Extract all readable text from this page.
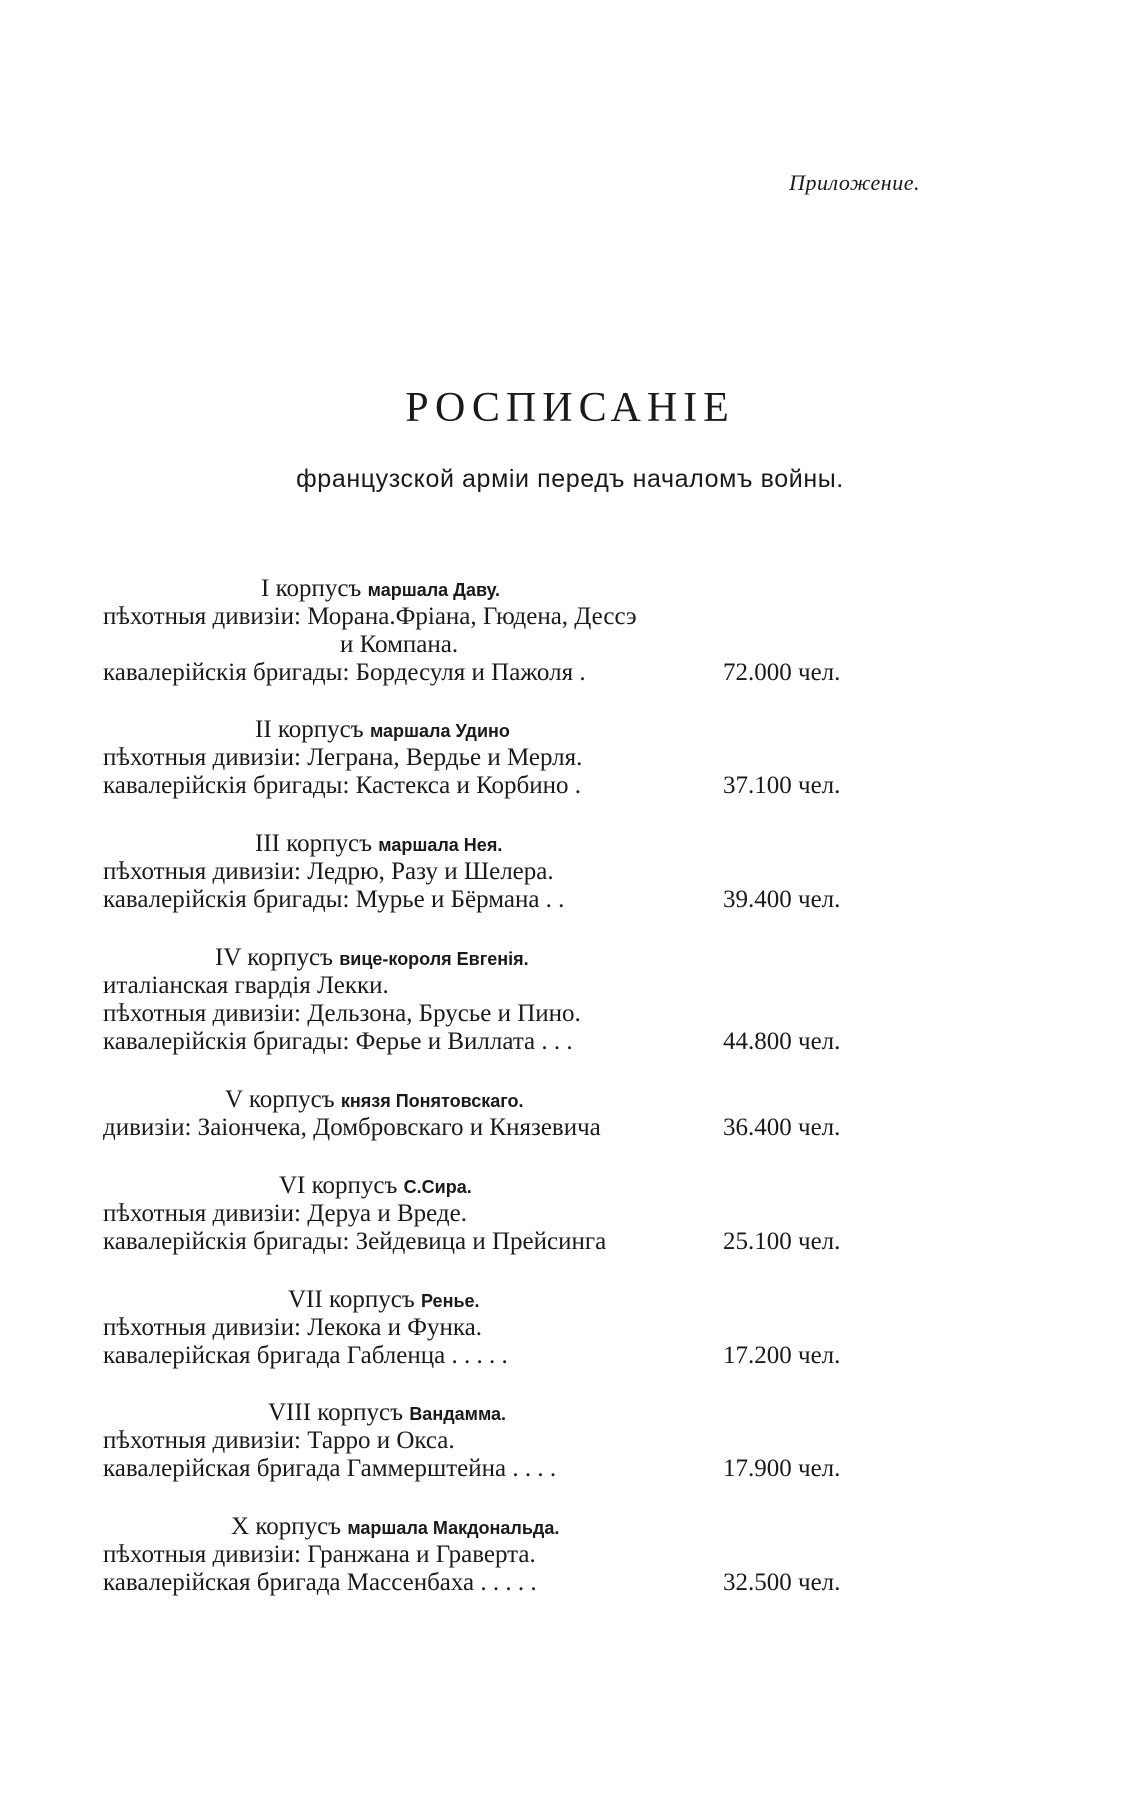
Приложение.
РОСПИСАНІЕ
французской арміи передъ началомъ войны.
I корпусъ маршала Даву.
пѣхотныя дивизіи: Морана.Фріана, Гюдена, Дессэ
и Компана.
кавалерійскія бригады: Бордесуля и Пажоля .	72.000 чел.
II корпусъ маршала Удино
пѣхотныя дивизіи: Леграна, Вердье и Мерля.
кавалерійскія бригады: Кастекса и Корбино .	37.100 чел.
III корпусъ маршала Нея.
пѣхотныя дивизіи: Ледрю, Разу и Шелера.
кавалерійскія бригады: Мурье и Бёрмана . .	39.400 чел.
IV корпусъ вице-короля Евгенія.
италіанская гвардія Лекки.
пѣхотныя дивизіи: Дельзона, Брусье и Пино.
кавалерійскія бригады: Ферье и Виллата . . .	44.800 чел.
V корпусъ князя Понятовскаго.
дивизіи: Заіончека, Домбровскаго и Князевича	36.400 чел.
VI корпусъ С.Сира.
пѣхотныя дивизіи: Деруа и Вреде.
кавалерійскія бригады: Зейдевица и Прейсинга	25.100 чел.
VII корпусъ Ренье.
пѣхотныя дивизіи: Лекока и Функа.
кавалерійская бригада Габленца . . . . .	17.200 чел.
VIII корпусъ Вандамма.
пѣхотныя дивизіи: Тарро и Окса.
кавалерійская бригада Гаммерштейна . . . .	17.900 чел.
X корпусъ маршала Макдональда.
пѣхотныя дивизіи: Гранжана и Граверта.
кавалерійская бригада Массенбаха . . . . .	32.500 чел.
